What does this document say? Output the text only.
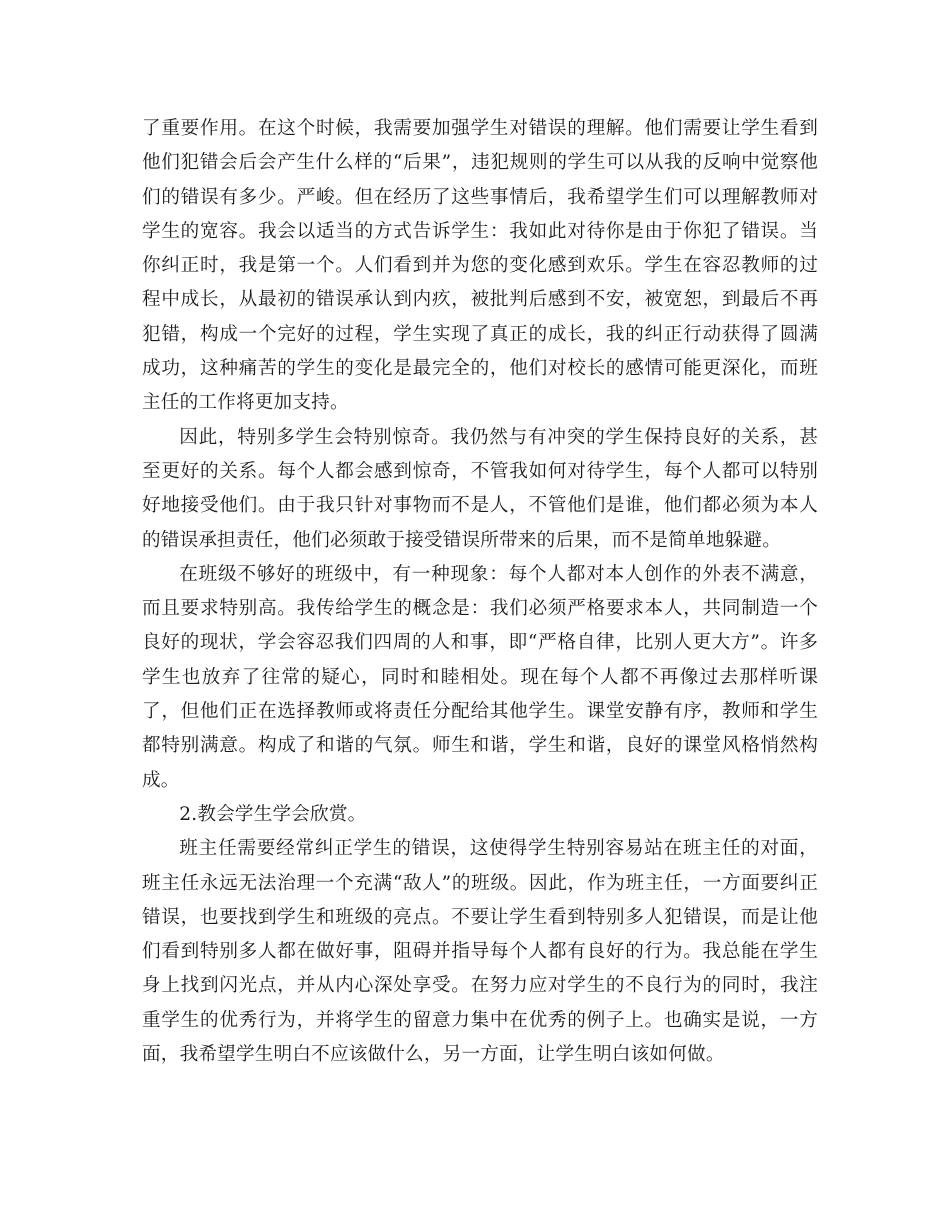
了重要作用。在这个时候，我需要加强学生对错误的理解。他们需要让学生看到他们犯错会后会产生什么样的“后果”，违犯规则的学生可以从我的反响中觉察他们的错误有多少。严峻。但在经历了这些事情后，我希望学生们可以理解教师对学生的宽容。我会以适当的方式告诉学生：我如此对待你是由于你犯了错误。当你纠正时，我是第一个。人们看到并为您的变化感到欢乐。学生在容忍教师的过程中成长，从最初的错误承认到内疚，被批判后感到不安，被宽恕，到最后不再犯错，构成一个完好的过程，学生实现了真正的成长，我的纠正行动获得了圆满成功，这种痛苦的学生的变化是最完全的，他们对校长的感情可能更深化，而班主任的工作将更加支持。

因此，特别多学生会特别惊奇。我仍然与有冲突的学生保持良好的关系，甚至更好的关系。每个人都会感到惊奇，不管我如何对待学生，每个人都可以特别好地接受他们。由于我只针对事物而不是人，不管他们是谁，他们都必须为本人的错误承担责任，他们必须敢于接受错误所带来的后果，而不是简单地躲避。

在班级不够好的班级中，有一种现象：每个人都对本人创作的外表不满意，而且要求特别高。我传给学生的概念是：我们必须严格要求本人，共同制造一个良好的现状，学会容忍我们四周的人和事，即“严格自律，比别人更大方”。许多学生也放弃了往常的疑心，同时和睦相处。现在每个人都不再像过去那样听课了，但他们正在选择教师或将责任分配给其他学生。课堂安静有序，教师和学生都特别满意。构成了和谐的气氛。师生和谐，学生和谐，良好的课堂风格悄然构成。

2.教会学生学会欣赏。

班主任需要经常纠正学生的错误，这使得学生特别容易站在班主任的对面，班主任永远无法治理一个充满“敌人”的班级。因此，作为班主任，一方面要纠正错误，也要找到学生和班级的亮点。不要让学生看到特别多人犯错误，而是让他们看到特别多人都在做好事，阻碍并指导每个人都有良好的行为。我总能在学生身上找到闪光点，并从内心深处享受。在努力应对学生的不良行为的同时，我注重学生的优秀行为，并将学生的留意力集中在优秀的例子上。也确实是说，一方面，我希望学生明白不应该做什么，另一方面，让学生明白该如何做。
